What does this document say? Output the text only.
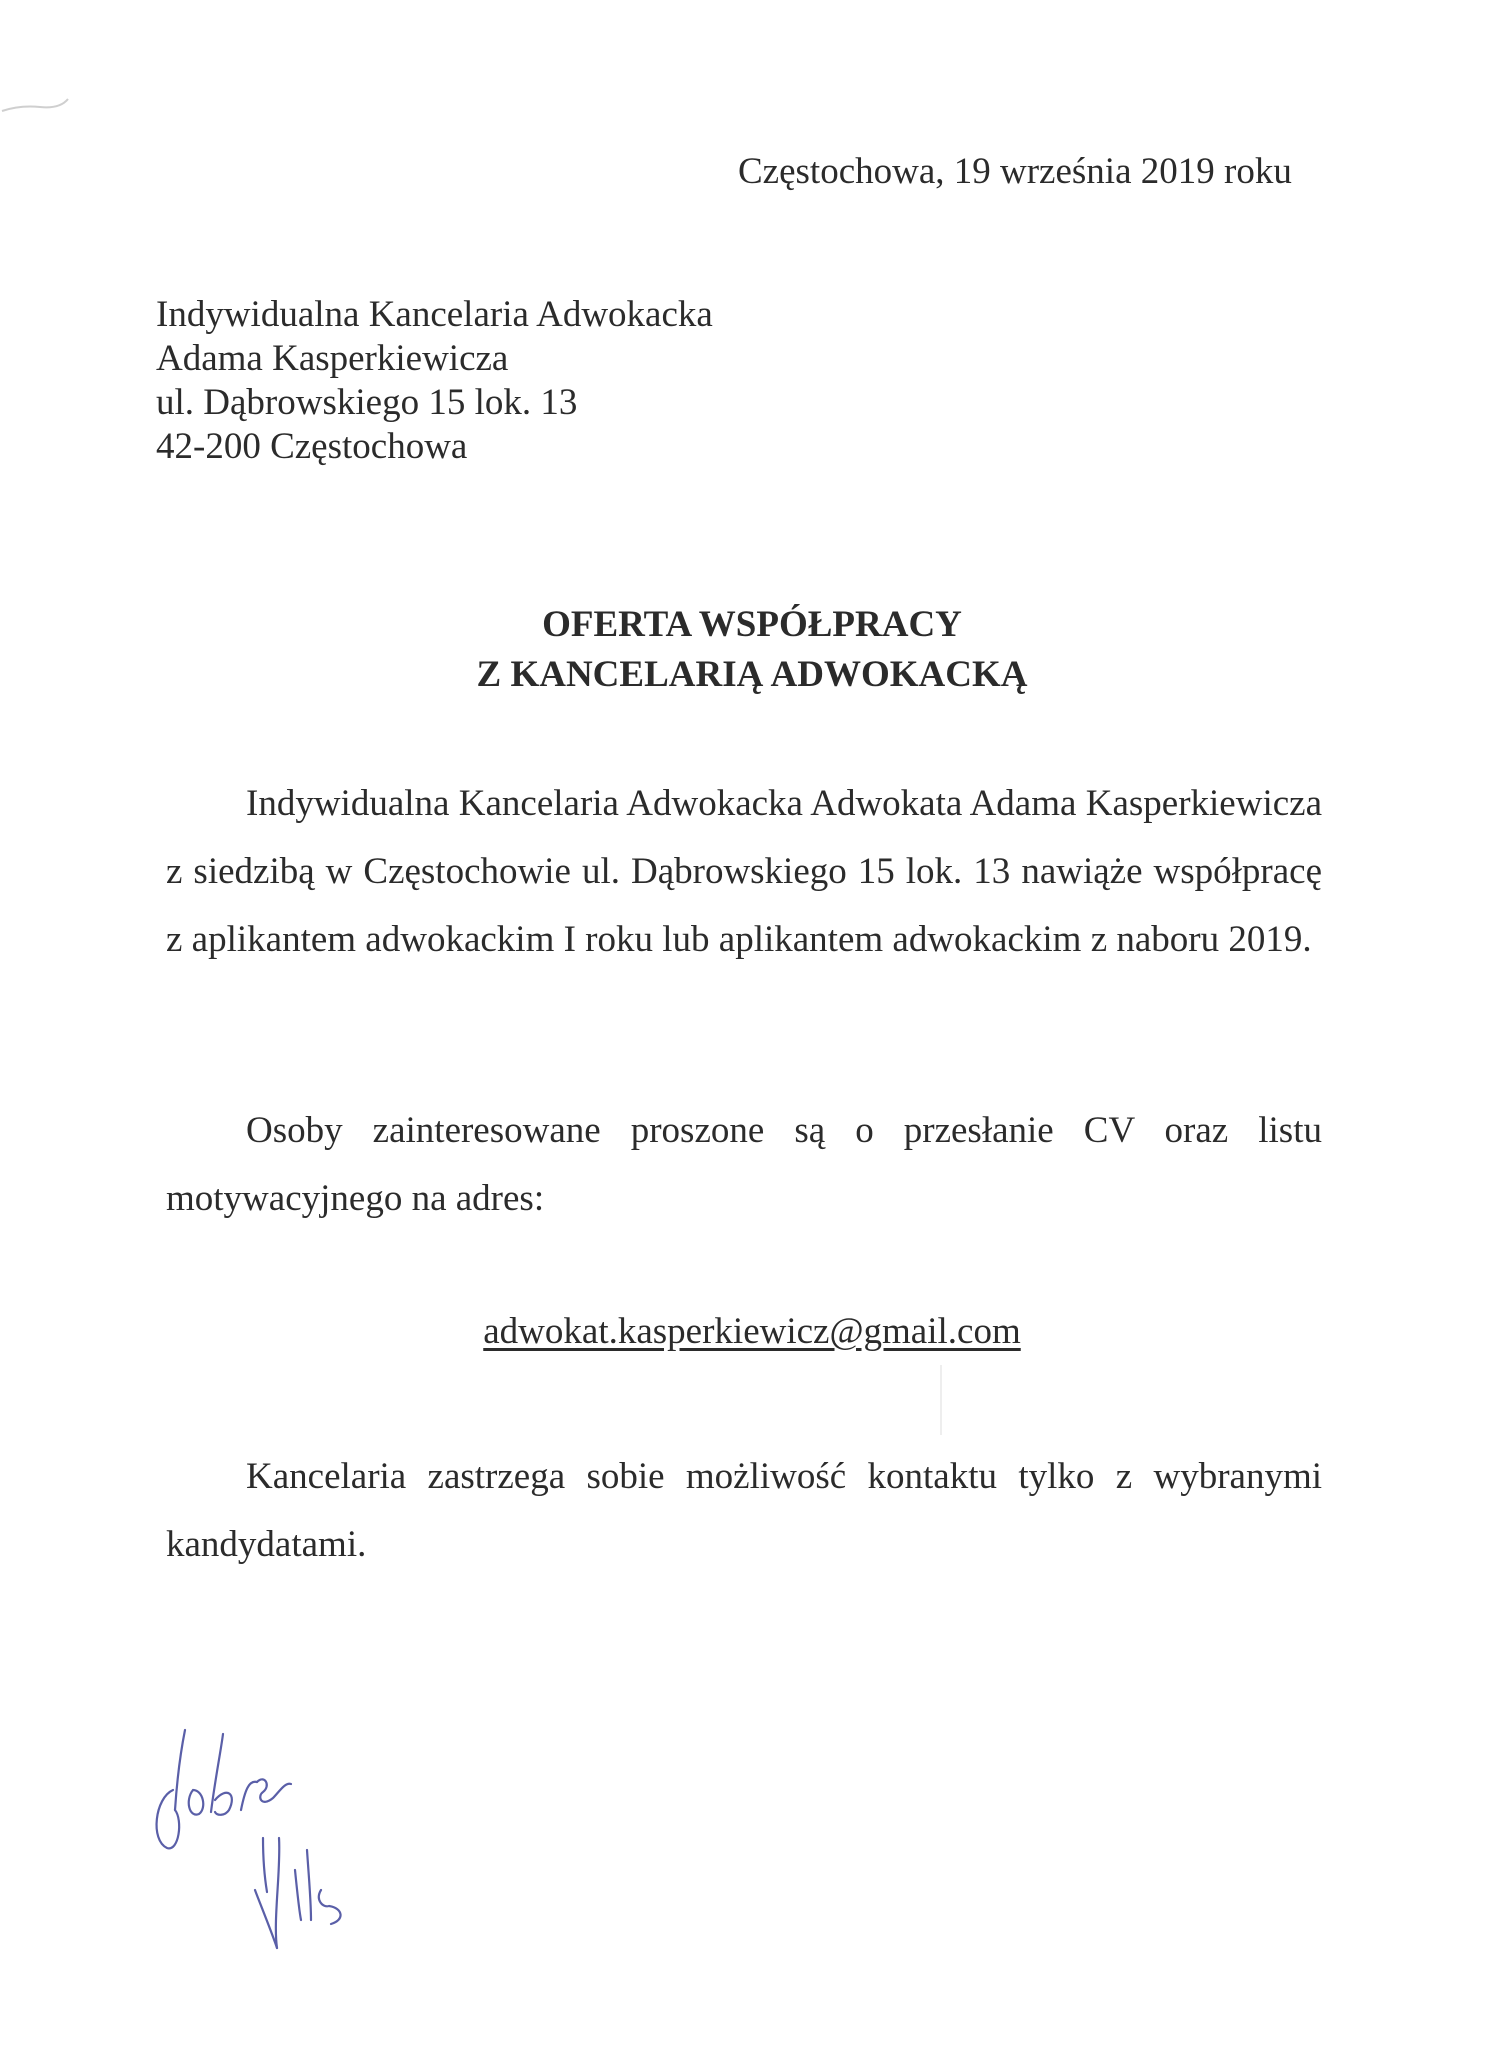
Częstochowa, 19 września 2019 roku
Indywidualna Kancelaria Adwokacka
Adama Kasperkiewicza
ul. Dąbrowskiego 15 lok. 13
42-200 Częstochowa
OFERTA WSPÓŁPRACY
Z KANCELARIĄ ADWOKACKĄ
Indywidualna Kancelaria Adwokacka Adwokata Adama Kasperkiewicza z siedzibą w Częstochowie ul. Dąbrowskiego 15 lok. 13 nawiąże współpracę z aplikantem adwokackim I roku lub aplikantem adwokackim z naboru 2019.
Osoby zainteresowane proszone są o przesłanie CV oraz listu motywacyjnego na adres:
adwokat.kasperkiewicz@gmail.com
Kancelaria zastrzega sobie możliwość kontaktu tylko z wybranymi kandydatami.
